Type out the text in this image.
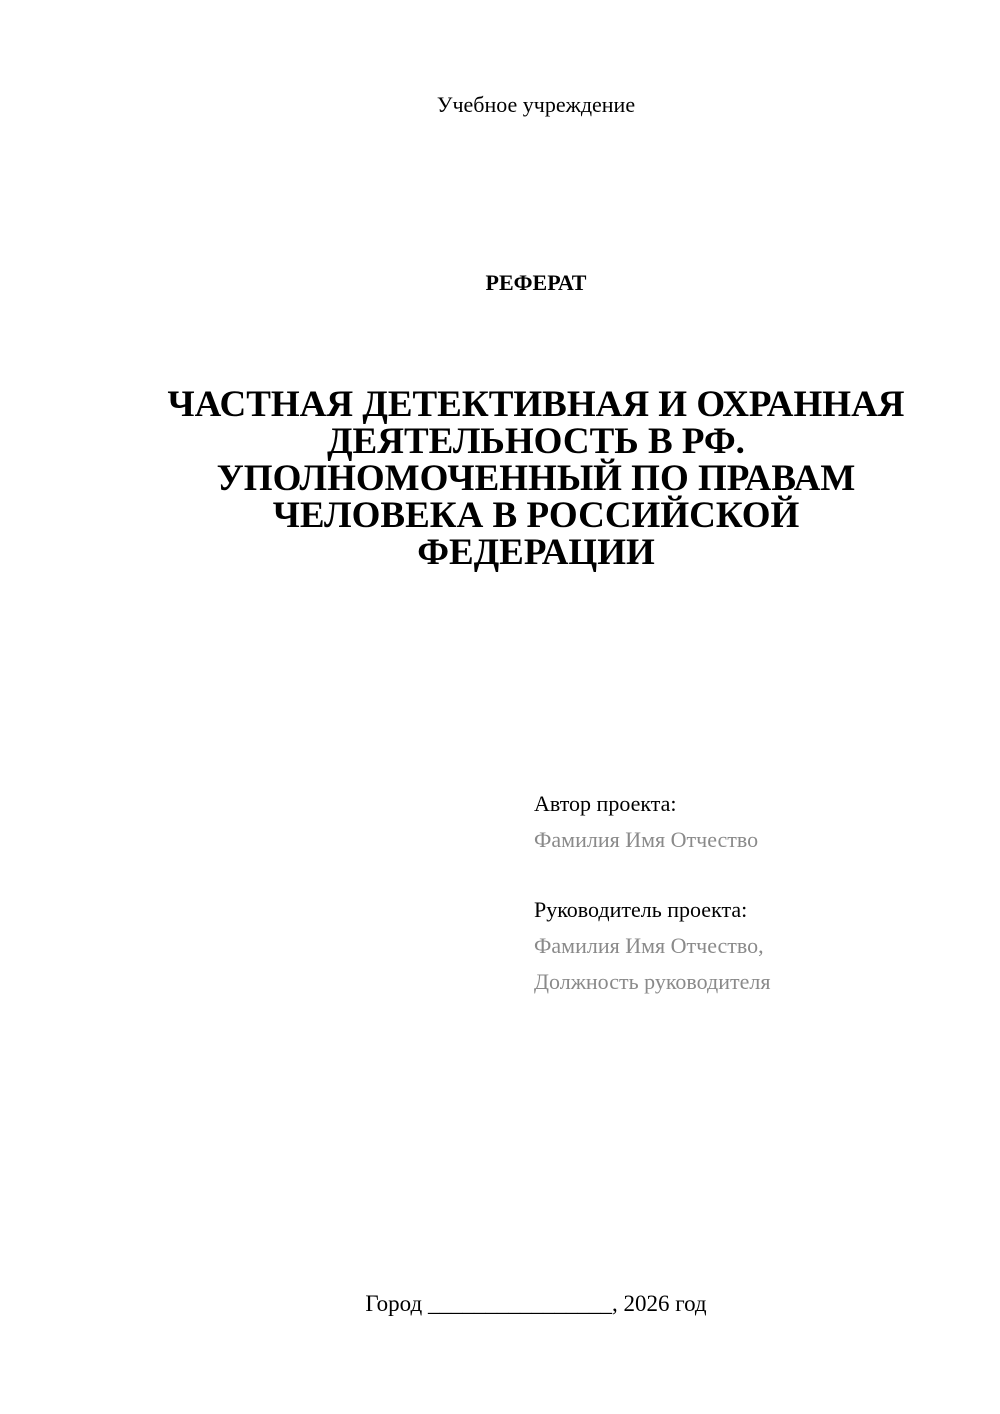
Учебное учреждение
РЕФЕРАТ
ЧАСТНАЯ ДЕТЕКТИВНАЯ И ОХРАННАЯ
ДЕЯТЕЛЬНОСТЬ В РФ.
УПОЛНОМОЧЕННЫЙ ПО ПРАВАМ
ЧЕЛОВЕКА В РОССИЙСКОЙ
ФЕДЕРАЦИИ
Автор проекта:
Фамилия Имя Отчество
Руководитель проекта:
Фамилия Имя Отчество,
Должность руководителя
Город ________________, 2026 год
